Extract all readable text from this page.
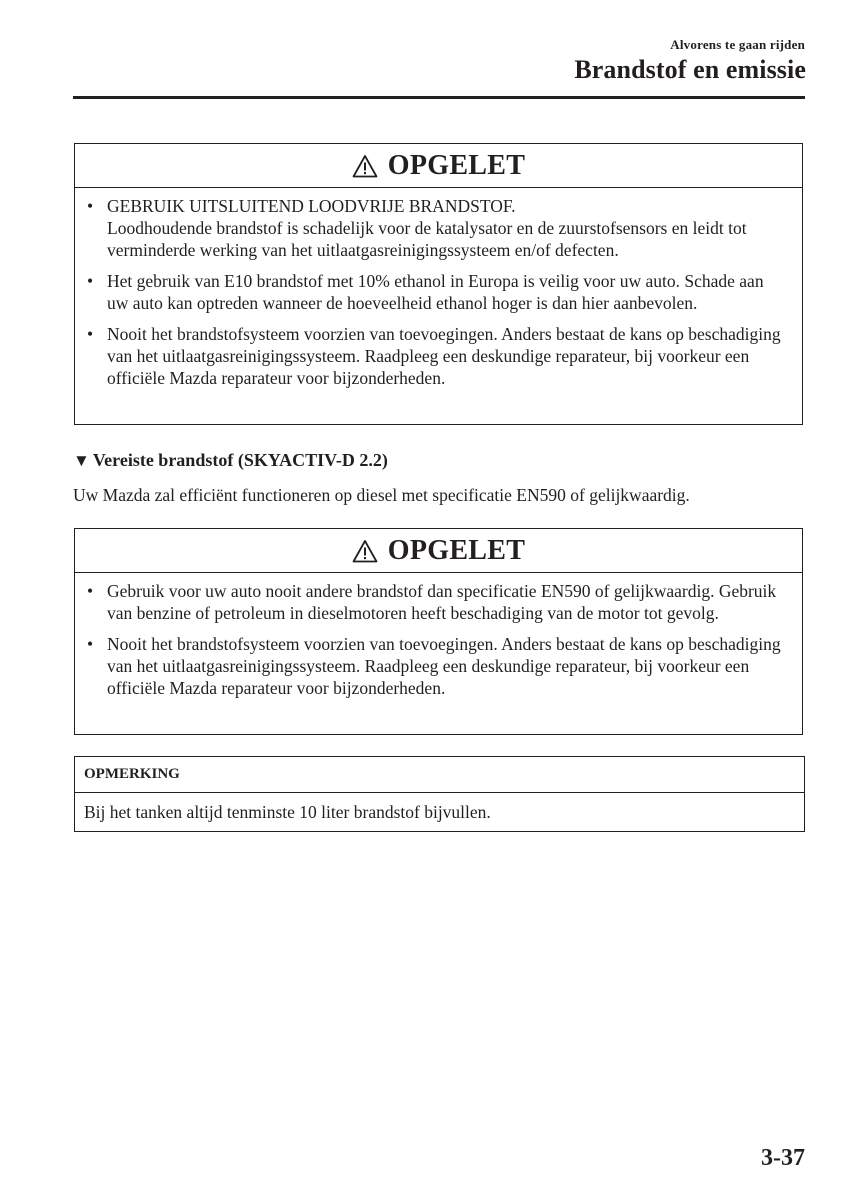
Alvorens te gaan rijden
Brandstof en emissie
OPGELET
• GEBRUIK UITSLUITEND LOODVRIJE BRANDSTOF.
Loodhoudende brandstof is schadelijk voor de katalysator en de zuurstofsensors en leidt tot verminderde werking van het uitlaatgasreinigingssysteem en/of defecten.
• Het gebruik van E10 brandstof met 10% ethanol in Europa is veilig voor uw auto. Schade aan uw auto kan optreden wanneer de hoeveelheid ethanol hoger is dan hier aanbevolen.
• Nooit het brandstofsysteem voorzien van toevoegingen. Anders bestaat de kans op beschadiging van het uitlaatgasreinigingssysteem. Raadpleeg een deskundige reparateur, bij voorkeur een officiële Mazda reparateur voor bijzonderheden.
▼ Vereiste brandstof (SKYACTIV-D 2.2)
Uw Mazda zal efficiënt functioneren op diesel met specificatie EN590 of gelijkwaardig.
OPGELET
• Gebruik voor uw auto nooit andere brandstof dan specificatie EN590 of gelijkwaardig. Gebruik van benzine of petroleum in dieselmotoren heeft beschadiging van de motor tot gevolg.
• Nooit het brandstofsysteem voorzien van toevoegingen. Anders bestaat de kans op beschadiging van het uitlaatgasreinigingssysteem. Raadpleeg een deskundige reparateur, bij voorkeur een officiële Mazda reparateur voor bijzonderheden.
OPMERKING
Bij het tanken altijd tenminste 10 liter brandstof bijvullen.
3-37
